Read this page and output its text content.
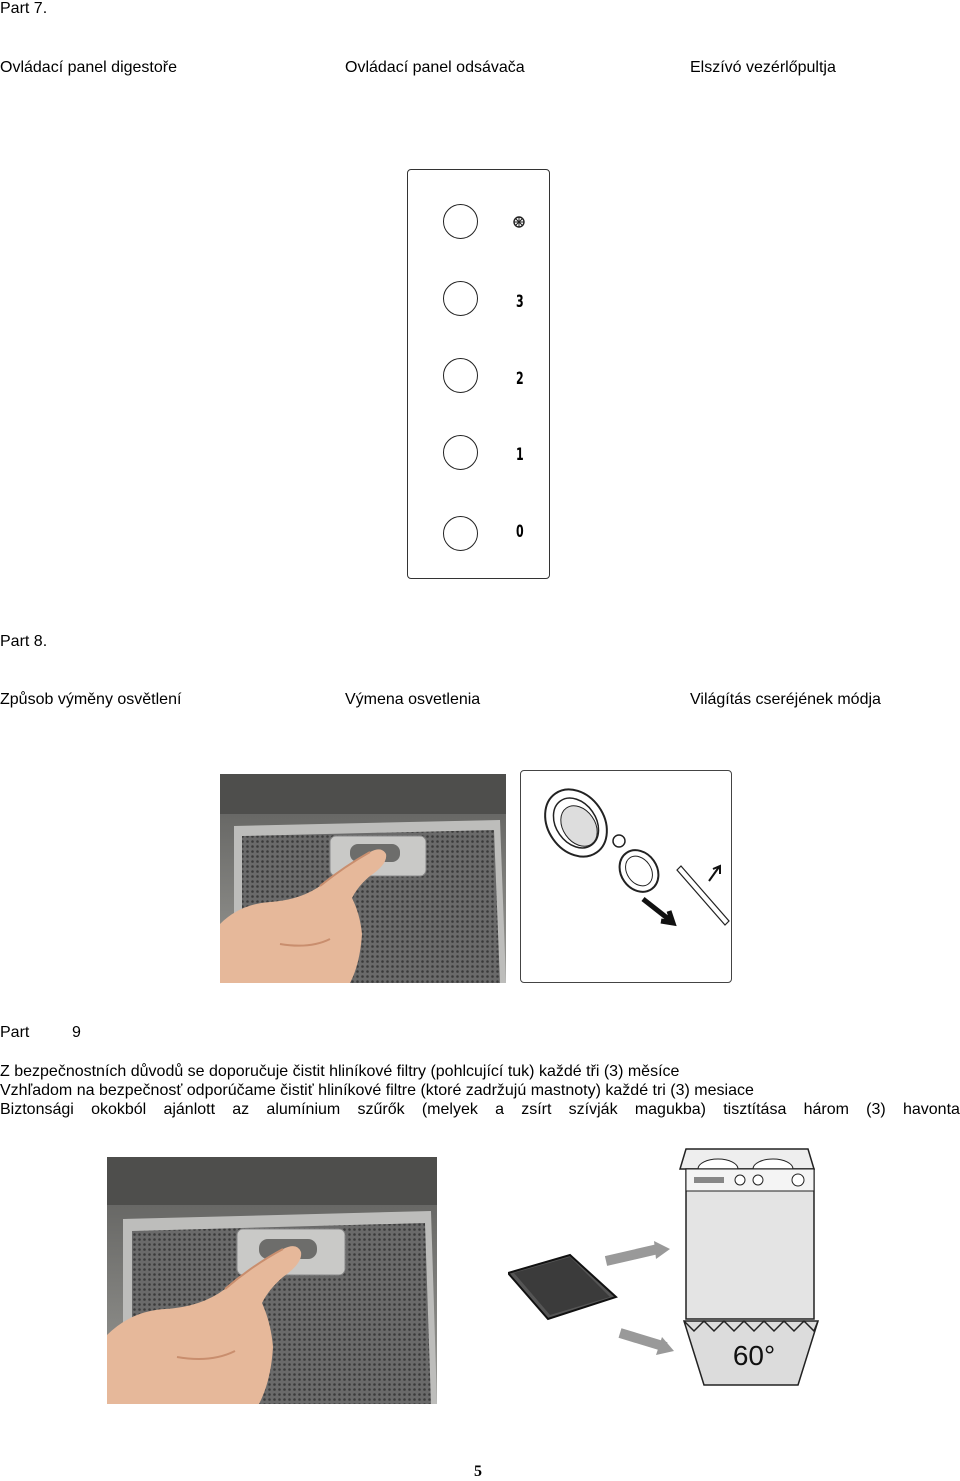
Part 7.
Ovládací panel digestoře	Ovládací panel odsávača	Elszívó vezérlőpultja
3
2
1
0
Part 8.
Způsob výměny osvětlení	Výmena osvetlenia	Világítás cseréjének módja
Part	9
Z bezpečnostních důvodů se doporučuje čistit hliníkové filtry (pohlcující tuk) každé tři (3) měsíce
Vzhľadom na bezpečnosť odporúčame čistiť hliníkové filtre (ktoré zadržujú mastnoty) každé tri (3) mesiace
Biztonsági okokból ajánlott az alumínium szűrők (melyek a zsírt szívják magukba) tisztítása három (3) havonta
60°
5
